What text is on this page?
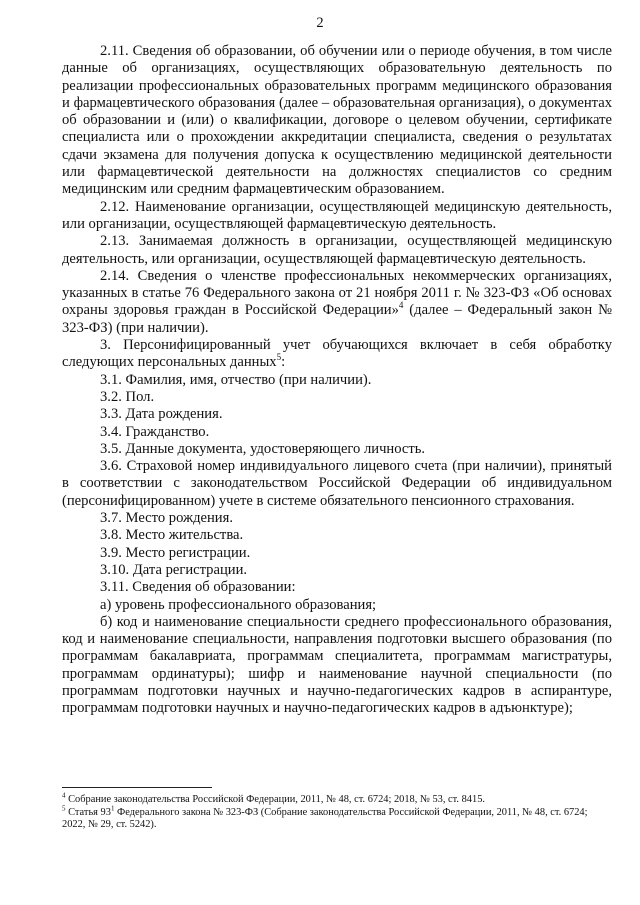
2

2.11. Сведения об образовании, об обучении или о периоде обучения, в том числе данные об организациях, осуществляющих образовательную деятельность по реализации профессиональных образовательных программ медицинского образования и фармацевтического образования (далее – образовательная организация), о документах об образовании и (или) о квалификации, договоре о целевом обучении, сертификате специалиста или о прохождении аккредитации специалиста, сведения о результатах сдачи экзамена для получения допуска к осуществлению медицинской деятельности или фармацевтической деятельности на должностях специалистов со средним медицинским или средним фармацевтическим образованием.

2.12. Наименование организации, осуществляющей медицинскую деятельность, или организации, осуществляющей фармацевтическую деятельность.

2.13. Занимаемая должность в организации, осуществляющей медицинскую деятельность, или организации, осуществляющей фармацевтическую деятельность.

2.14. Сведения о членстве профессиональных некоммерческих организациях, указанных в статье 76 Федерального закона от 21 ноября 2011 г. № 323-ФЗ «Об основах охраны здоровья граждан в Российской Федерации»$^4$ (далее – Федеральный закон № 323-ФЗ) (при наличии).

3. Персонифицированный учет обучающихся включает в себя обработку следующих персональных данных$^5$:

3.1. Фамилия, имя, отчество (при наличии).

3.2. Пол.

3.3. Дата рождения.

3.4. Гражданство.

3.5. Данные документа, удостоверяющего личность.

3.6. Страховой номер индивидуального лицевого счета (при наличии), принятый в соответствии с законодательством Российской Федерации об индивидуальном (персонифицированном) учете в системе обязательного пенсионного страхования.

3.7. Место рождения.

3.8. Место жительства.

3.9. Место регистрации.

3.10. Дата регистрации.

3.11. Сведения об образовании:

а) уровень профессионального образования;

б) код и наименование специальности среднего профессионального образования, код и наименование специальности, направления подготовки высшего образования (по программам бакалавриата, программам специалитета, программам магистратуры, программам ординатуры); шифр и наименование научной специальности (по программам подготовки научных и научно-педагогических кадров в аспирантуре, программам подготовки научных и научно-педагогических кадров в адъюнктуре);

$^4$ Собрание законодательства Российской Федерации, 2011, № 48, ст. 6724; 2018, № 53, ст. 8415.

$^5$ Статья $93^1$ Федерального закона № 323-ФЗ (Собрание законодательства Российской Федерации, 2011, № 48, ст. 6724; 2022, № 29, ст. 5242).
